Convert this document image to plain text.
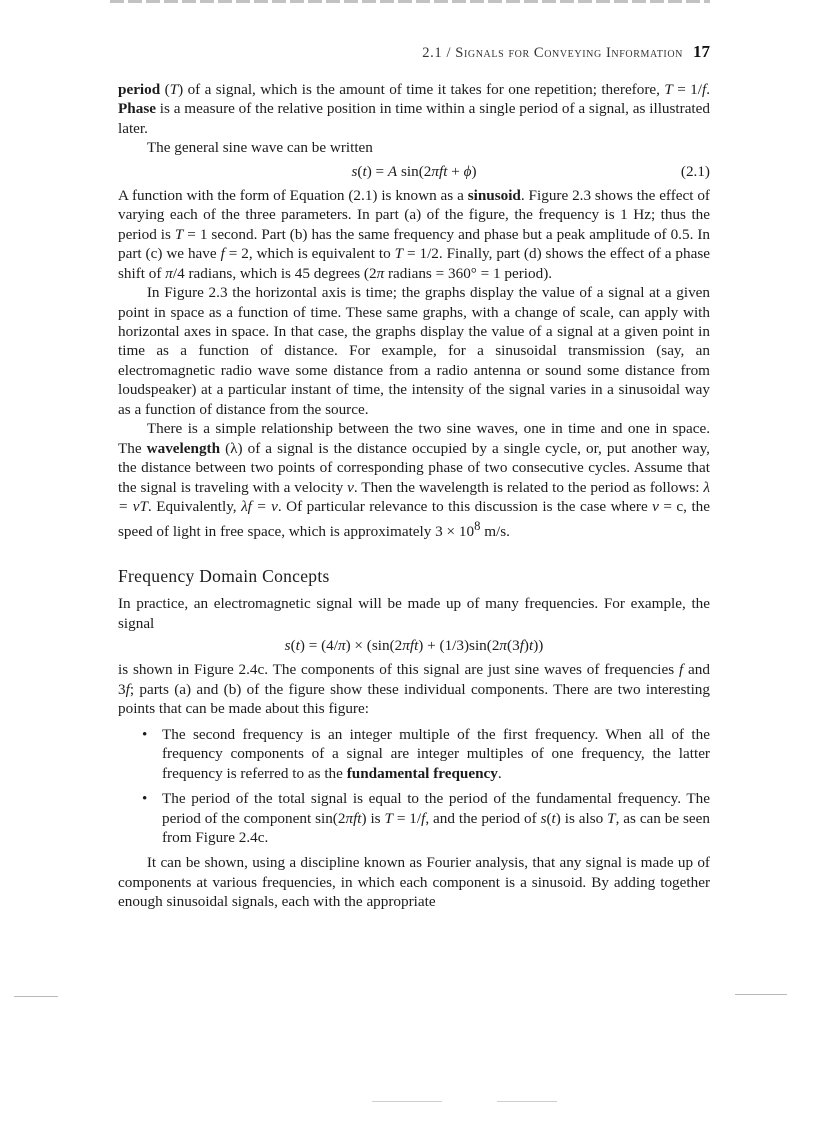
2.1 / Signals for Conveying Information 17

period (T) of a signal, which is the amount of time it takes for one repetition; therefore, T = 1/f. Phase is a measure of the relative position in time within a single period of a signal, as illustrated later.

The general sine wave can be written

s(t) = A sin(2πft + ϕ)	(2.1)

A function with the form of Equation (2.1) is known as a sinusoid. Figure 2.3 shows the effect of varying each of the three parameters. In part (a) of the figure, the frequency is 1 Hz; thus the period is T = 1 second. Part (b) has the same frequency and phase but a peak amplitude of 0.5. In part (c) we have f = 2, which is equivalent to T = 1/2. Finally, part (d) shows the effect of a phase shift of π/4 radians, which is 45 degrees (2π radians = 360° = 1 period).

In Figure 2.3 the horizontal axis is time; the graphs display the value of a signal at a given point in space as a function of time. These same graphs, with a change of scale, can apply with horizontal axes in space. In that case, the graphs display the value of a signal at a given point in time as a function of distance. For example, for a sinusoidal transmission (say, an electromagnetic radio wave some distance from a radio antenna or sound some distance from loudspeaker) at a particular instant of time, the intensity of the signal varies in a sinusoidal way as a function of distance from the source.

There is a simple relationship between the two sine waves, one in time and one in space. The wavelength (λ) of a signal is the distance occupied by a single cycle, or, put another way, the distance between two points of corresponding phase of two consecutive cycles. Assume that the signal is traveling with a velocity v. Then the wavelength is related to the period as follows: λ = vT. Equivalently, λf = v. Of particular relevance to this discussion is the case where v = c, the speed of light in free space, which is approximately $3 \times 10^8$ m/s.

Frequency Domain Concepts

In practice, an electromagnetic signal will be made up of many frequencies. For example, the signal

s(t) = (4/π) × (sin(2πft) + (1/3)sin(2π(3f)t))

is shown in Figure 2.4c. The components of this signal are just sine waves of frequencies f and 3f; parts (a) and (b) of the figure show these individual components. There are two interesting points that can be made about this figure:

• The second frequency is an integer multiple of the first frequency. When all of the frequency components of a signal are integer multiples of one frequency, the latter frequency is referred to as the fundamental frequency.
• The period of the total signal is equal to the period of the fundamental frequency. The period of the component sin(2πft) is T = 1/f, and the period of s(t) is also T, as can be seen from Figure 2.4c.

It can be shown, using a discipline known as Fourier analysis, that any signal is made up of components at various frequencies, in which each component is a sinusoid. By adding together enough sinusoidal signals, each with the appropriate
